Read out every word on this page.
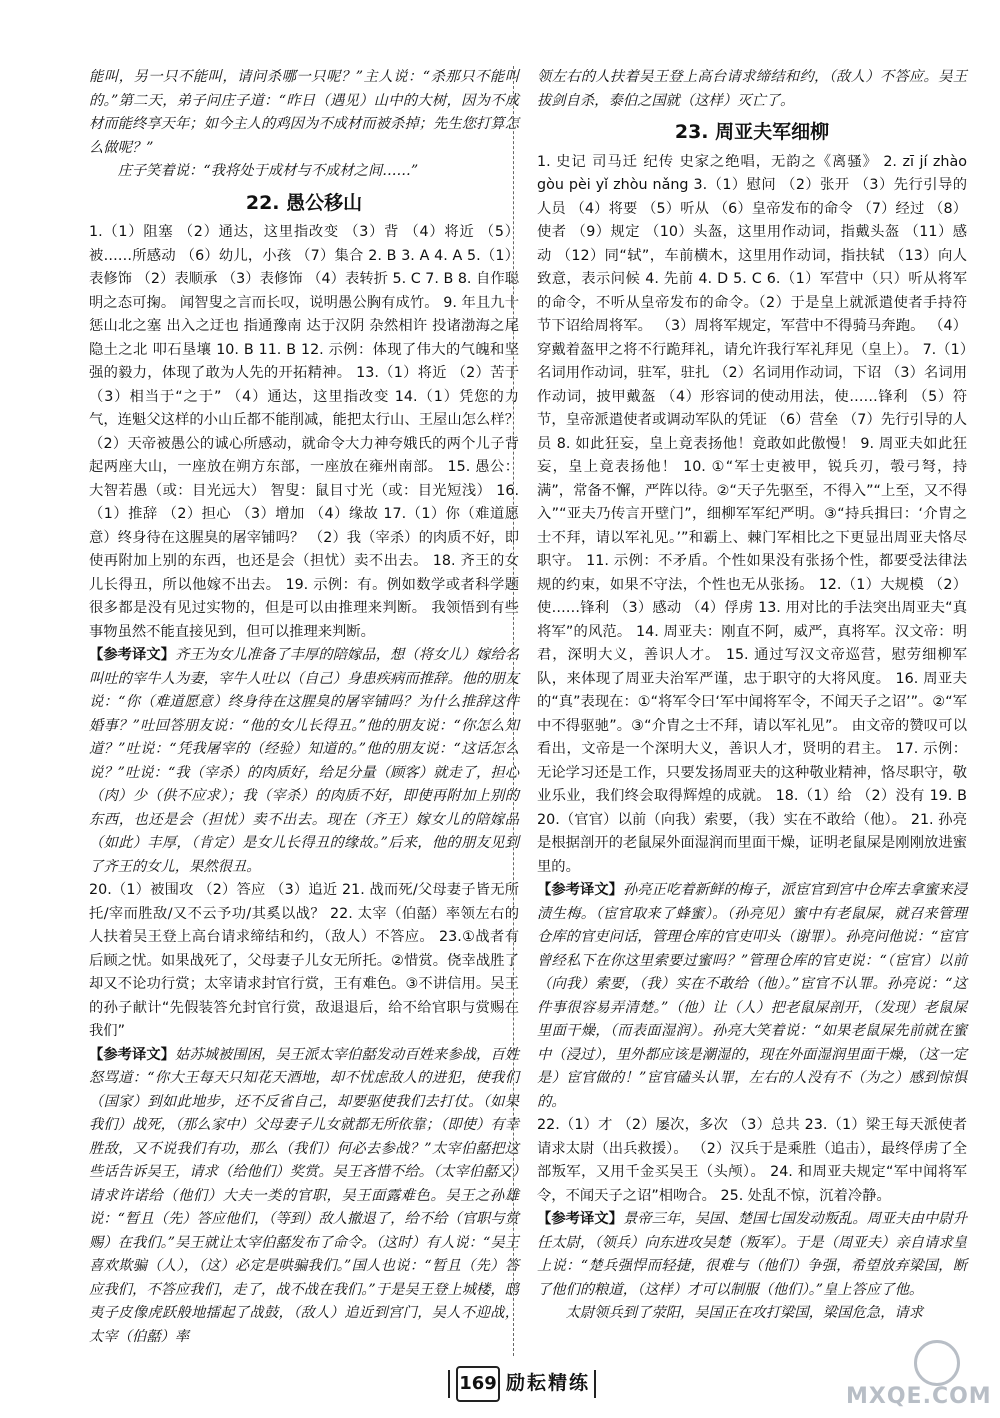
能叫，另一只不能叫，请问杀哪一只呢？”主人说：“杀那只不能叫的。”第二天，弟子问庄子道：“昨日（遇见）山中的大树，因为不成材而能终享天年；如今主人的鸡因为不成材而被杀掉；先生您打算怎么做呢？”

庄子笑着说：“我将处于成材与不成材之间……”

22. 愚公移山

1.（1）阻塞 （2）通达，这里指改变 （3）背 （4）将近 （5）被……所感动 （6）幼儿，小孩 （7）集合 2. B 3. A 4. A 5.（1）表修饰 （2）表顺承 （3）表修饰 （4）表转折 5. C 7. B 8. 自作聪明之态可掬。 闻智叟之言而长叹，说明愚公胸有成竹。 9. 年且九十 惩山北之塞 出入之迂也 指通豫南 达于汉阴 杂然相许 投诸渤海之尾 隐土之北 叩石垦壤 10. B 11. B 12. 示例：体现了伟大的气魄和坚强的毅力，体现了敢为人先的开拓精神。 13.（1）将近 （2）苦于 （3）相当于“之于” （4）通达，这里指改变 14.（1）凭您的力气，连魁父这样的小山丘都不能削减，能把太行山、王屋山怎么样？ （2）天帝被愚公的诚心所感动，就命令大力神夸娥氏的两个儿子背起两座大山，一座放在朔方东部，一座放在雍州南部。 15. 愚公：大智若愚（或：目光远大） 智叟：鼠目寸光（或：目光短浅） 16.（1）推辞 （2）担心 （3）增加 （4）缘故 17.（1）你（难道愿意）终身待在这腥臭的屠宰铺吗？ （2）我（宰杀）的肉质不好，即使再附加上别的东西，也还是会（担忧）卖不出去。 18. 齐王的女儿长得丑，所以他嫁不出去。 19. 示例：有。例如数学或者科学题很多都是没有见过实物的，但是可以由推理来判断。 我领悟到有些事物虽然不能直接见到，但可以推理来判断。

【参考译文】齐王为女儿准备了丰厚的陪嫁品，想（将女儿）嫁给名叫吐的宰牛人为妻，宰牛人吐以（自己）身患疾病而推辞。他的朋友说：“你（难道愿意）终身待在这腥臭的屠宰铺吗？为什么推辞这件婚事？”吐回答朋友说：“他的女儿长得丑。”他的朋友说：“你怎么知道？”吐说：“凭我屠宰的（经验）知道的。”他的朋友说：“这话怎么说？”吐说：“我（宰杀）的肉质好，给足分量（顾客）就走了，担心（肉）少（供不应求）；我（宰杀）的肉质不好，即使再附加上别的东西，也还是会（担忧）卖不出去。现在（齐王）嫁女儿的陪嫁品（如此）丰厚，（肯定）是女儿长得丑的缘故。”后来，他的朋友见到了齐王的女儿，果然很丑。

20.（1）被围攻 （2）答应 （3）追近 21. 战而死/父母妻子皆无所托/宰而胜敌/又不云予功/其奚以战？ 22. 太宰（伯嚭）率领左右的人扶着吴王登上高台请求缔结和约，（敌人）不答应。 23.①战者有后顾之忧。如果战死了，父母妻子儿女无所托。②惜赏。侥幸战胜了却又不论功行赏；太宰请求封官行赏，王有难色。③不讲信用。吴王的孙子献计“先假装答允封官行赏，敌退退后，给不给官职与赏赐在我们”

【参考译文】姑苏城被围困，吴王派太宰伯嚭发动百姓来参战，百姓怒骂道：“你大王每天只知花天酒地，却不忧虑敌人的进犯，使我们（国家）到如此地步，还不反省自己，却要驱使我们去打仗。（如果我们）战死，（那么家中）父母妻子儿女就都无所依靠；（即使）有幸胜敌，又不说我们有功，那么（我们）何必去参战？”太宰伯嚭把这些话告诉吴王，请求（给他们）奖赏。吴王吝惜不给。（太宰伯嚭又）请求许诺给（他们）大夫一类的官职，吴王面露难色。吴王之孙雄说：“暂且（先）答应他们，（等到）敌人撤退了，给不给（官职与赏赐）在我们。”吴王就让太宰伯嚭发布了命令。（这时）有人说：“吴王喜欢欺骗（人），（这）必定是哄骗我们。”国人也说：“暂且（先）答应我们，不答应我们，走了，战不战在我们。”于是吴王登上城楼，鸱夷子皮像虎跃般地擂起了战鼓，（敌人）追近到宫门，吴人不迎战，太宰（伯嚭）率

领左右的人扶着吴王登上高台请求缔结和约，（敌人）不答应。吴王拔剑自杀，泰伯之国就（这样）灭亡了。

23. 周亚夫军细柳

1. 史记 司马迁 纪传 史家之绝唱，无韵之《离骚》 2. zī jí zhào gòu pèi yǐ zhòu nǎng 3.（1）慰问 （2）张开 （3）先行引导的人员 （4）将要 （5）听从 （6）皇帝发布的命令 （7）经过 （8）使者 （9）规定 （10）头盔，这里用作动词，指戴头盔 （11）感动 （12）同“轼”，车前横木，这里用作动词，指扶轼 （13）向人致意，表示问候 4. 先前 4. D 5. C 6.（1）军营中（只）听从将军的命令，不听从皇帝发布的命令。（2）于是皇上就派遣使者手持符节下诏给周将军。 （3）周将军规定，军营中不得骑马奔跑。 （4）穿戴着盔甲之将不行跪拜礼，请允许我行军礼拜见（皇上）。 7.（1）名词用作动词，驻军，驻扎 （2）名词用作动词，下诏 （3）名词用作动词，披甲戴盔 （4）形容词的使动用法，使……锋利 （5）符节，皇帝派遣使者或调动军队的凭证 （6）营垒 （7）先行引导的人员 8. 如此狂妄，皇上竟表扬他！竟敢如此傲慢！ 9. 周亚夫如此狂妄，皇上竟表扬他！ 10. ①“军士吏被甲，锐兵刃，彀弓弩，持满”，常备不懈，严阵以待。②“天子先驱至，不得入”“上至，又不得入”“亚夫乃传言开壁门”，细柳军军纪严明。③“持兵揖曰：‘介胄之士不拜，请以军礼见。’”和霸上、棘门军相比之下更显出周亚夫恪尽职守。 11. 示例：不矛盾。个性如果没有张扬个性，都要受法律法规的约束，如果不守法，个性也无从张扬。 12.（1）大规模 （2）使……锋利 （3）感动 （4）俘虏 13. 用对比的手法突出周亚夫“真将军”的风范。 14. 周亚夫：刚直不阿，威严，真将军。汉文帝：明君，深明大义，善识人才。 15. 通过写汉文帝巡营，慰劳细柳军队，来体现了周亚夫治军严谨，忠于职守的大将风度。 16. 周亚夫的“真”表现在：①“将军令曰‘军中闻将军令，不闻天子之诏’”。②“军中不得驱驰”。③“介胄之士不拜，请以军礼见”。 由文帝的赞叹可以看出，文帝是一个深明大义，善识人才，贤明的君主。 17. 示例：无论学习还是工作，只要发扬周亚夫的这种敬业精神，恪尽职守，敬业乐业，我们终会取得辉煌的成就。 18.（1）给 （2）没有 19. B 20.（官官）以前（向我）索要，（我）实在不敢给（他）。 21. 孙亮是根据剖开的老鼠屎外面湿润而里面干燥，证明老鼠屎是刚刚放进蜜里的。

【参考译文】孙亮正吃着新鲜的梅子，派宦官到宫中仓库去拿蜜来浸渍生梅。（宦官取来了蜂蜜）。（孙亮见）蜜中有老鼠屎，就召来管理仓库的官吏问话，管理仓库的官吏叩头（谢罪）。孙亮问他说：“宦官曾经私下在你这里索要过蜜吗？”管理仓库的官吏说：“（宦官）以前（向我）索要，（我）实在不敢给（他）。”宦官不认罪。孙亮说：“这件事很容易弄清楚。”（他）让（人）把老鼠屎剖开，（发现）老鼠屎里面干燥，（而表面湿润）。孙亮大笑着说：“如果老鼠屎先前就在蜜中（浸过），里外都应该是潮湿的，现在外面湿润里面干燥，（这一定是）宦官做的！”宦官磕头认罪，左右的人没有不（为之）感到惊惧的。

22.（1）才 （2）屡次，多次 （3）总共 23.（1）梁王每天派使者请求太尉（出兵救援）。 （2）汉兵于是乘胜（追击），最终俘虏了全部叛军，又用千金买吴王（头颅）。 24. 和周亚夫规定“军中闻将军令，不闻天子之诏”相吻合。 25. 处乱不惊，沉着冷静。

【参考译文】景帝三年，吴国、楚国七国发动叛乱。周亚夫由中尉升任太尉，（领兵）向东进攻吴楚（叛军）。于是（周亚夫）亲自请求皇上说：“楚兵强悍而轻捷，很难与（他们）争强，希望放弃梁国，断了他们的粮道，（这样）才可以制服（他们）。”皇上答应了他。

太尉领兵到了荥阳，吴国正在攻打梁国，梁国危急，请求

169 励耘精练
MXQE.COM
